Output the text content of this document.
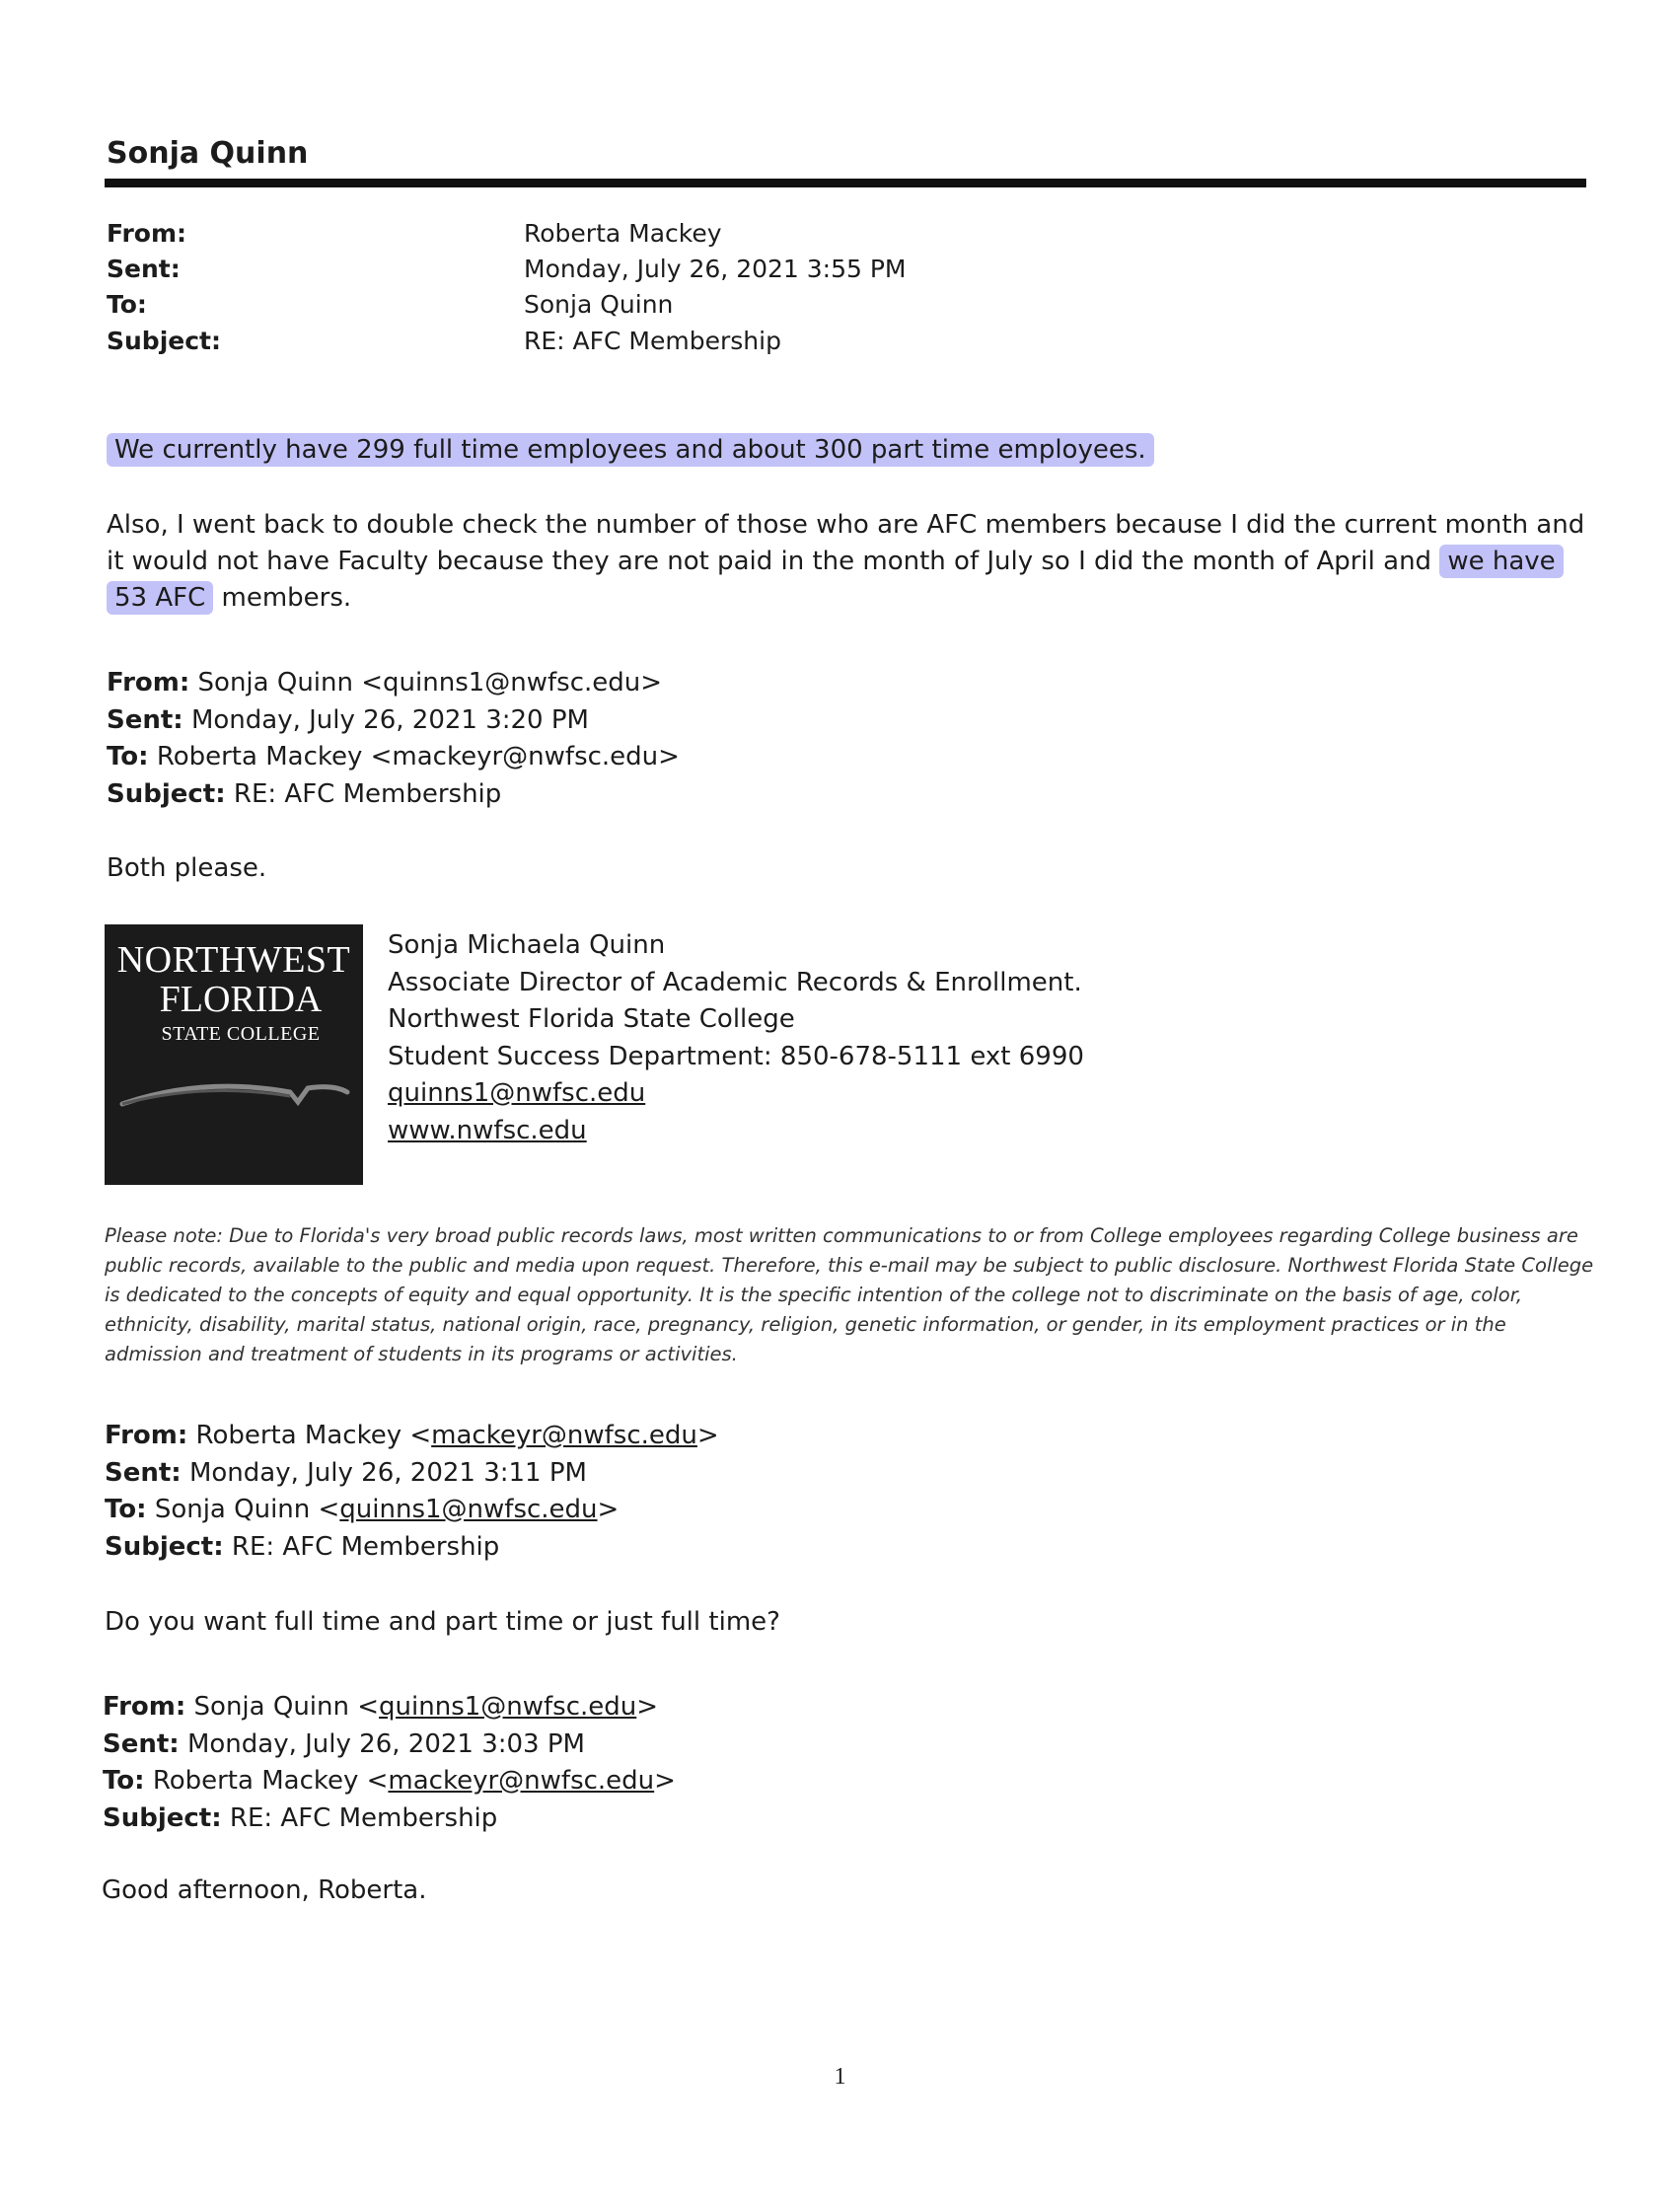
Sonja Quinn
From:
Sent:
To:
Subject:
Roberta Mackey
Monday, July 26, 2021 3:55 PM
Sonja Quinn
RE: AFC Membership
We currently have 299 full time employees and about 300 part time employees.
Also, I went back to double check the number of those who are AFC members because I did the current month and it would not have Faculty because they are not paid in the month of July so I did the month of April and we have 53 AFC members.
From: Sonja Quinn <quinns1@nwfsc.edu>
Sent: Monday, July 26, 2021 3:20 PM
To: Roberta Mackey <mackeyr@nwfsc.edu>
Subject: RE: AFC Membership
Both please.
NORTHWEST
FLORIDA
STATE COLLEGE
Sonja Michaela Quinn
Associate Director of Academic Records & Enrollment.
Northwest Florida State College
Student Success Department: 850-678-5111 ext 6990
quinns1@nwfsc.edu
www.nwfsc.edu
Please note: Due to Florida's very broad public records laws, most written communications to or from College employees regarding College business are public records, available to the public and media upon request. Therefore, this e-mail may be subject to public disclosure. Northwest Florida State College is dedicated to the concepts of equity and equal opportunity. It is the specific intention of the college not to discriminate on the basis of age, color, ethnicity, disability, marital status, national origin, race, pregnancy, religion, genetic information, or gender, in its employment practices or in the admission and treatment of students in its programs or activities.
From: Roberta Mackey <mackeyr@nwfsc.edu>
Sent: Monday, July 26, 2021 3:11 PM
To: Sonja Quinn <quinns1@nwfsc.edu>
Subject: RE: AFC Membership
Do you want full time and part time or just full time?
From: Sonja Quinn <quinns1@nwfsc.edu>
Sent: Monday, July 26, 2021 3:03 PM
To: Roberta Mackey <mackeyr@nwfsc.edu>
Subject: RE: AFC Membership
Good afternoon, Roberta.
1
